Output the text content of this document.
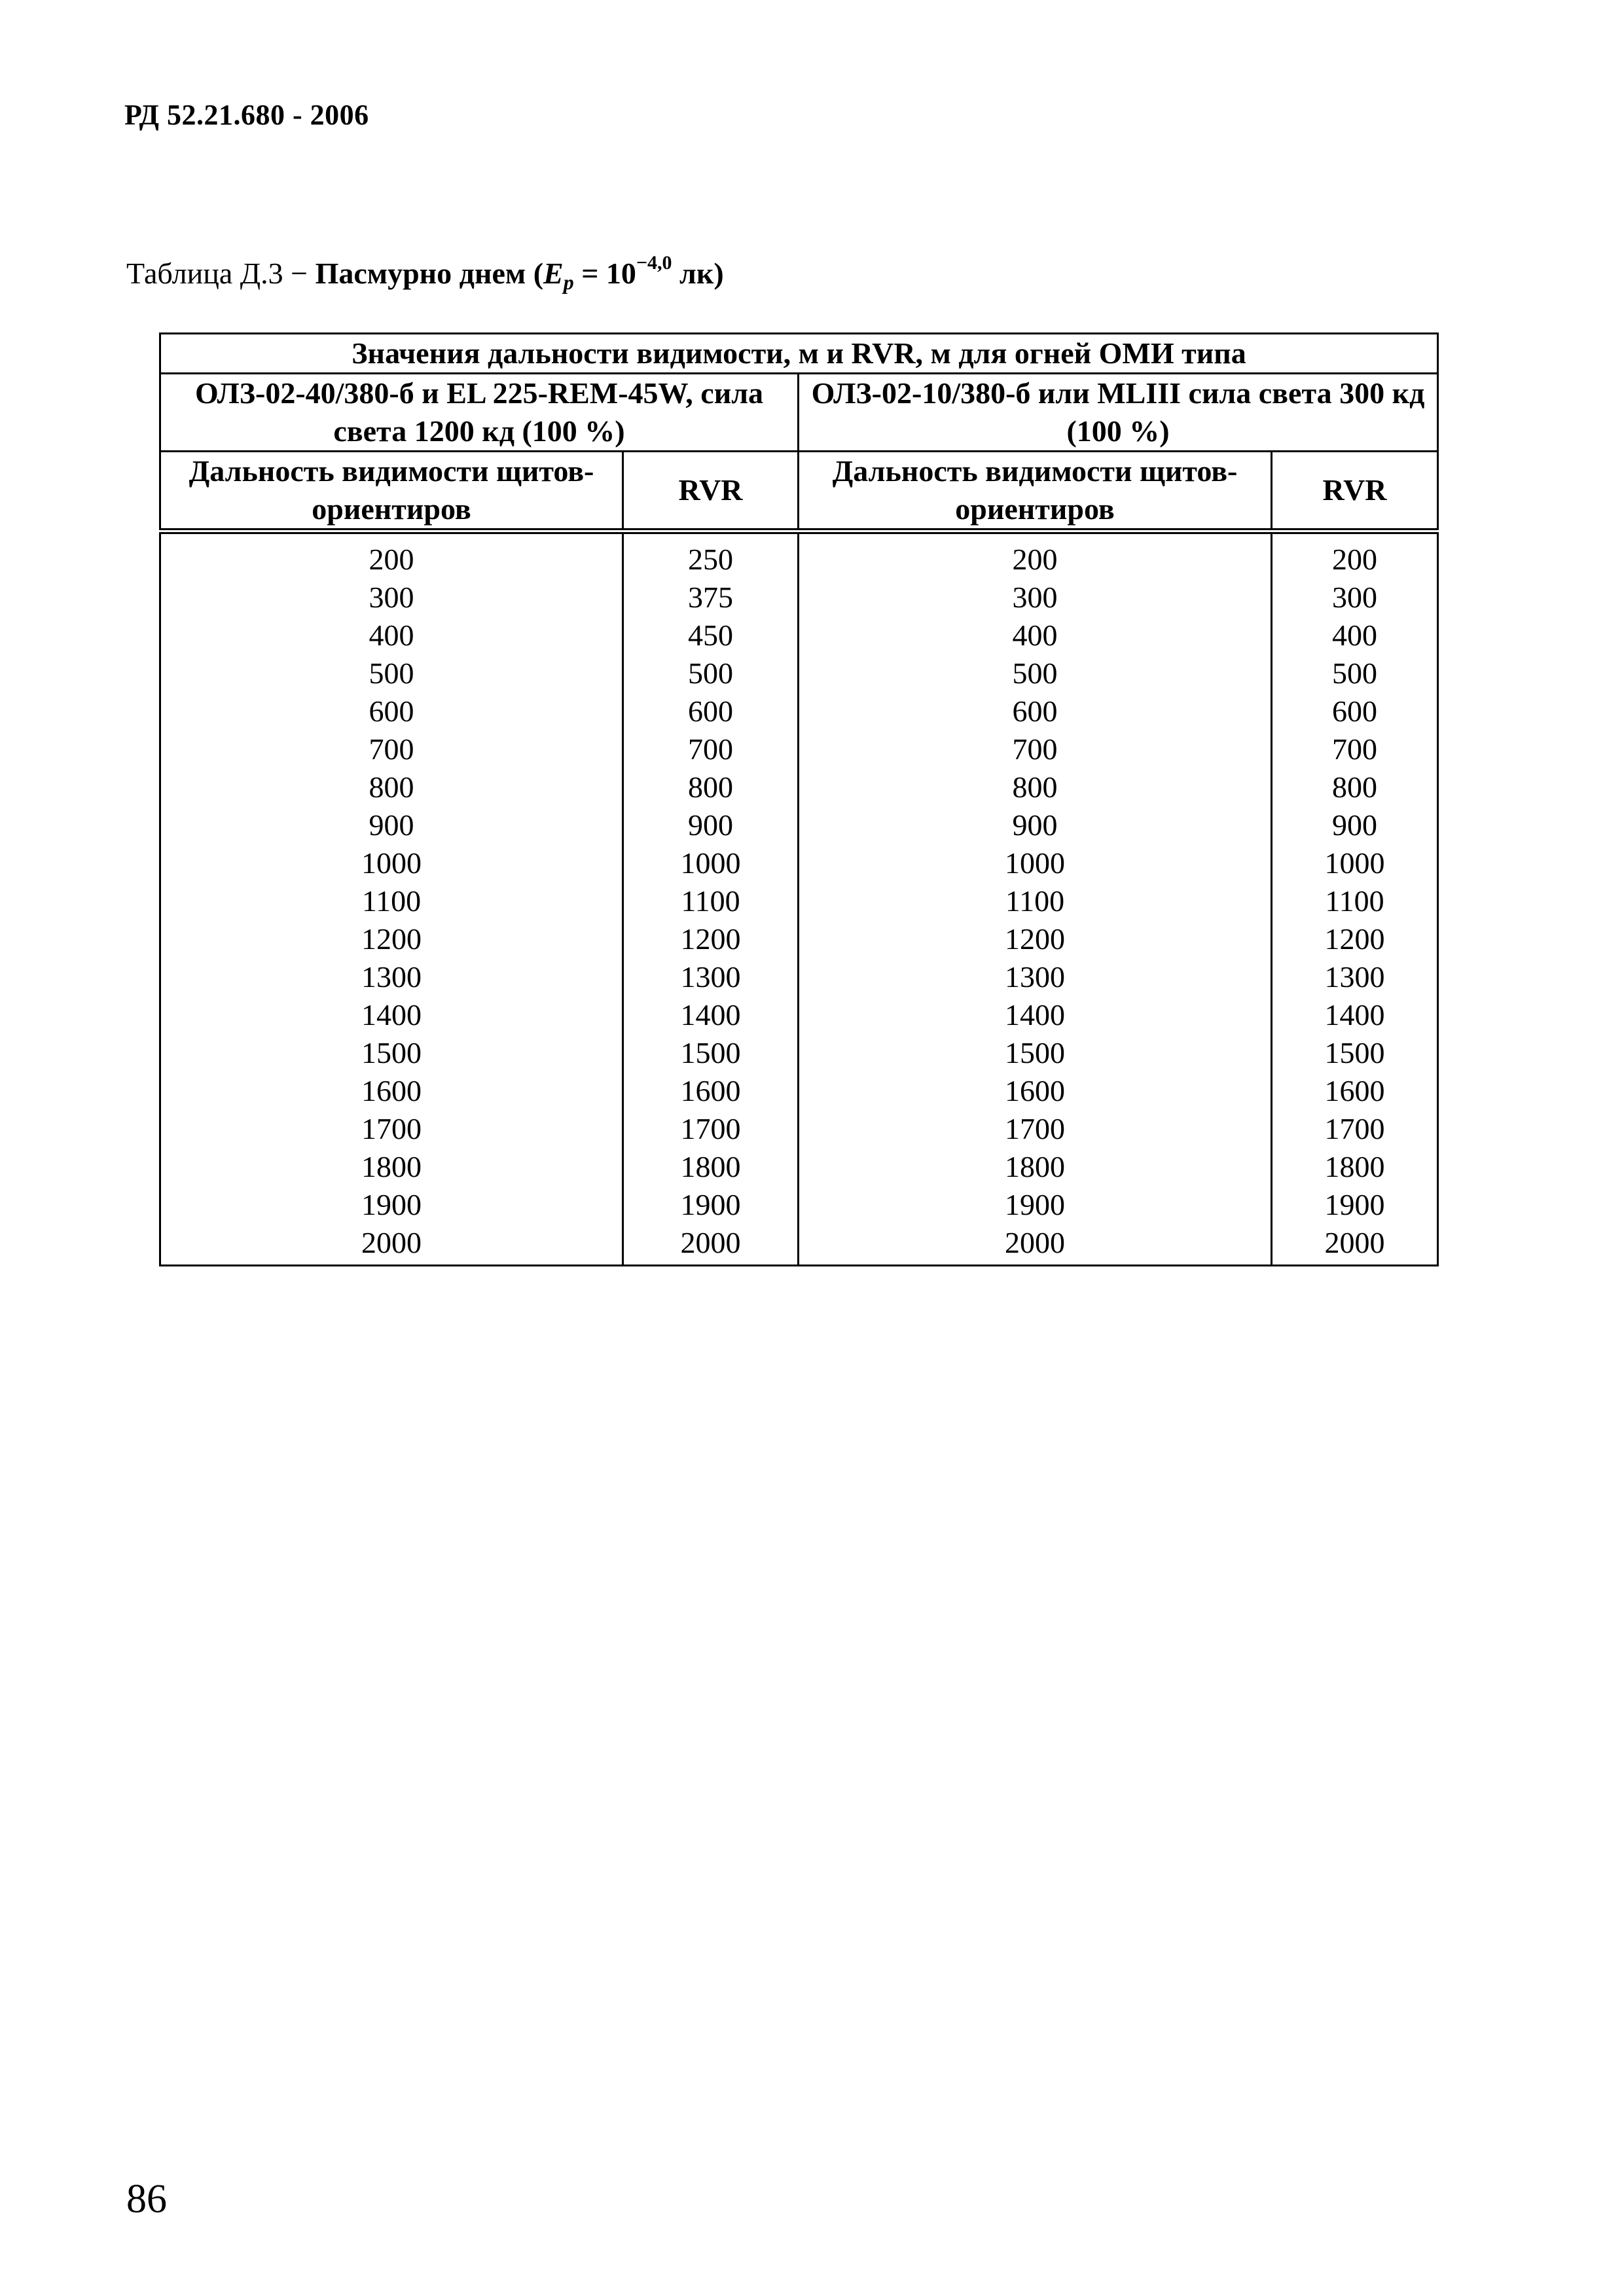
РД 52.21.680 - 2006
Таблица Д.3 − Пасмурно днем ($E_p = 10^{-4,0}$ лк)
Значения дальности видимости, м и RVR, м для огней ОМИ типа			
ОЛЗ-02-40/380-б и EL 225-REM-45W, сила света 1200 кд (100 %)		ОЛЗ-02-10/380-б или MLIII сила света 300 кд (100 %)	
Дальность видимости щитов-ориентиров	RVR	Дальность видимости щитов-ориентиров	RVR
200	250	200	200
300	375	300	300
400	450	400	400
500	500	500	500
600	600	600	600
700	700	700	700
800	800	800	800
900	900	900	900
1000	1000	1000	1000
1100	1100	1100	1100
1200	1200	1200	1200
1300	1300	1300	1300
1400	1400	1400	1400
1500	1500	1500	1500
1600	1600	1600	1600
1700	1700	1700	1700
1800	1800	1800	1800
1900	1900	1900	1900
2000	2000	2000	2000
86
